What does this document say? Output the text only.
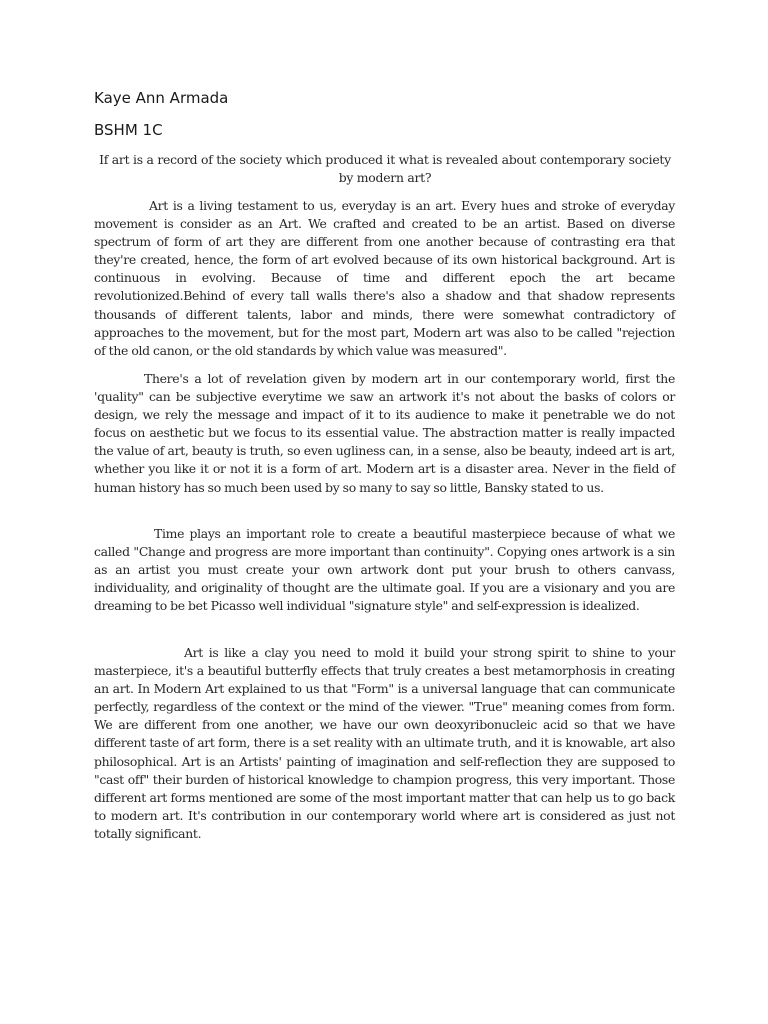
Kaye Ann Armada
BSHM 1C
If art is a record of the society which produced it what is revealed about contemporary society by modern art?

Art is a living testament to us, everyday is an art. Every hues and stroke of everyday movement is consider as an Art. We crafted and created to be an artist. Based on diverse spectrum of form of art they are different from one another because of contrasting era that they're created, hence, the form of art evolved because of its own historical background. Art is continuous in evolving. Because of time and different epoch the art became revolutionized.Behind of every tall walls there's also a shadow and that shadow represents thousands of different talents, labor and minds, there were somewhat contradictory of approaches to the movement, but for the most part, Modern art was also to be called "rejection of the old canon, or the old standards by which value was measured".

There's a lot of revelation given by modern art in our contemporary world, first the 'quality" can be subjective everytime we saw an artwork it's not about the basks of colors or design, we rely the message and impact of it to its audience to make it penetrable we do not focus on aesthetic but we focus to its essential value. The abstraction matter is really impacted the value of art, beauty is truth, so even ugliness can, in a sense, also be beauty, indeed art is art, whether you like it or not it is a form of art. Modern art is a disaster area. Never in the field of human history has so much been used by so many to say so little, Bansky stated to us.

Time plays an important role to create a beautiful masterpiece because of what we called "Change and progress are more important than continuity". Copying ones artwork is a sin as an artist you must create your own artwork dont put your brush to others canvass, individuality, and originality of thought are the ultimate goal. If you are a visionary and you are dreaming to be bet Picasso well individual "signature style" and self-expression is idealized.

Art is like a clay you need to mold it build your strong spirit to shine to your masterpiece, it's a beautiful butterfly effects that truly creates a best metamorphosis in creating an art. In Modern Art explained to us that "Form" is a universal language that can communicate perfectly, regardless of the context or the mind of the viewer. "True" meaning comes from form. We are different from one another, we have our own deoxyribonucleic acid so that we have different taste of art form, there is a set reality with an ultimate truth, and it is knowable, art also philosophical. Art is an Artists' painting of imagination and self-reflection they are supposed to "cast off" their burden of historical knowledge to champion progress, this very important. Those different art forms mentioned are some of the most important matter that can help us to go back to modern art. It's contribution in our contemporary world where art is considered as just not totally significant.
